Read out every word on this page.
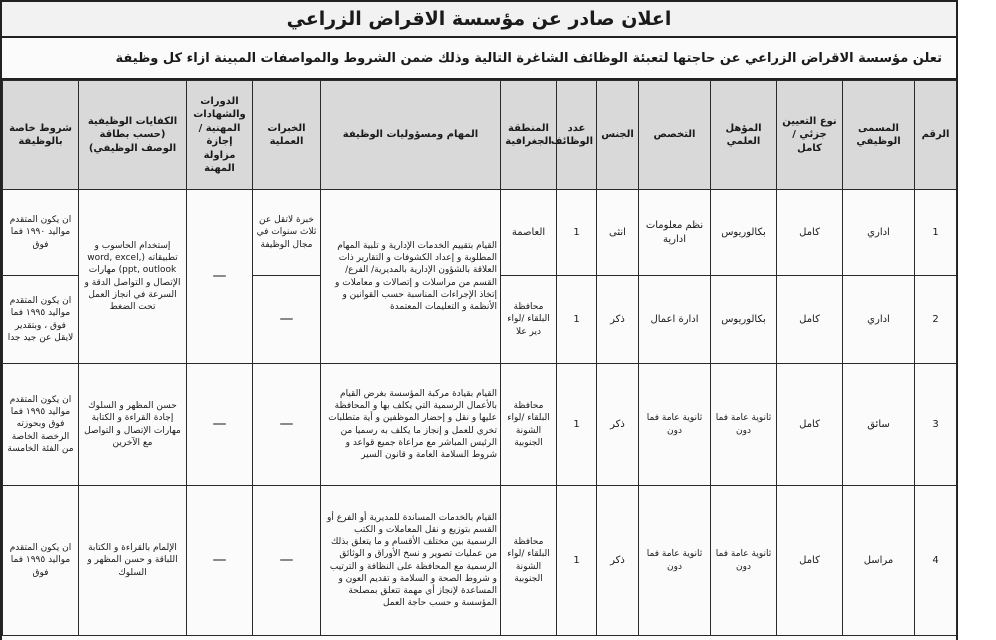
اعلان صادر عن مؤسسة الاقراض الزراعي
تعلن مؤسسة الاقراض الزراعي عن حاجتها لتعبئة الوظائف الشاغرة التالية وذلك ضمن الشروط والمواصفات المبينة ازاء كل وظيفة
الرقم	المسمى الوظيفي	نوع التعيين جزئي / كامل	المؤهل العلمي	التخصص	الجنس	عدد الوظائف	المنطقة الجغرافية	المهام ومسؤوليات الوظيفة	الخبرات العملية	الدورات والشهادات المهنية / إجازة مزاولة المهنة	الكفايات الوظيفية (حسب بطاقة الوصف الوظيفي)	شروط خاصة بالوظيفة
1	اداري	كامل	بكالوريوس	نظم معلومات ادارية	انثى	1	العاصمة	القيام بتقييم الخدمات الإدارية و تلبية المهام المطلوبة و إعداد الكشوفات و التقارير ذات العلاقة بالشؤون الإدارية بالمديرية/ الفرع/ القسم من مراسلات و إتصالات و معاملات و إتخاذ الإجراءات المناسبة حسب القوانين و الأنظمة و التعليمات المعتمدة	خبرة لاتقل عن ثلاث سنوات في مجال الوظيفة	—	إستخدام الحاسوب و تطبيقاته (word, excel, ppt, outlook) مهارات الإتصال و التواصل الدقة و السرعة في انجاز العمل تحت الضغط	ان يكون المتقدم مواليد ١٩٩٠ فما فوق
2	اداري	كامل	بكالوريوس	ادارة اعمال	ذكر	1	محافظة البلقاء /لواء دير علا		—			ان يكون المتقدم مواليد ١٩٩٥ فما فوق ، وبتقدير لايقل عن جيد جدا
3	سائق	كامل	ثانوية عامة فما دون	ثانوية عامة فما دون	ذكر	1	محافظة البلقاء /لواء الشونة الجنوبية	القيام بقيادة مركبة المؤسسة بغرض القيام بالأعمال الرسمية التي يكلف بها و المحافظة عليها و نقل و إحضار الموظفين و أية متطلبات تخري للعمل و إنجاز ما يكلف به رسميا من الرئيس المباشر مع مراعاة جميع قواعد و شروط السلامة العامة و قانون السير	—	—	حسن المظهر و السلوك إجادة القراءة و الكتابة مهارات الإتصال و التواصل مع الآخرين	ان يكون المتقدم مواليد ١٩٩٥ فما فوق وبحوزته الرخصة الخاصة من الفئة الخامسة
4	مراسل	كامل	ثانوية عامة فما دون	ثانوية عامة فما دون	ذكر	1	محافظة البلقاء /لواء الشونة الجنوبية	القيام بالخدمات المساندة للمديرية أو الفرع أو القسم بتوزيع و نقل المعاملات و الكتب الرسمية بين مختلف الأقسام و ما يتعلق بذلك من عمليات تصوير و نسخ الأوراق و الوثائق الرسمية مع المحافظة على النظافة و الترتيب و شروط الصحة و السلامة و تقديم العون و المساعدة لإنجاز أي مهمة تتعلق بمصلحة المؤسسة و حسب حاجة العمل	—	—	الإلمام بالقراءة و الكتابة اللباقة و حسن المظهر و السلوك	ان يكون المتقدم مواليد ١٩٩٥ فما فوق
